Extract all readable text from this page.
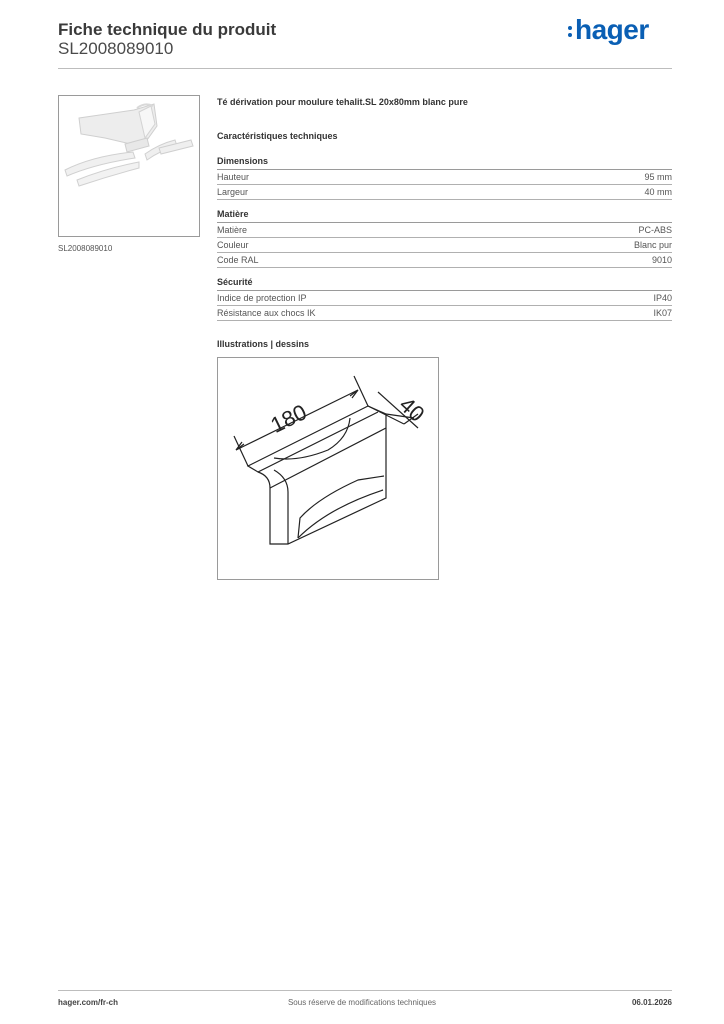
Fiche technique du produit
SL2008089010
hager
SL2008089010
Té dérivation pour moulure tehalit.SL 20x80mm blanc pure
Caractéristiques techniques
Dimensions
Hauteur	95 mm
Largeur	40 mm
Matière
Matière	PC-ABS
Couleur	Blanc pur
Code RAL	9010
Sécurité
Indice de protection IP	IP40
Résistance aux chocs IK	IK07
Illustrations | dessins
180	40
hager.com/fr-ch	Sous réserve de modifications techniques	06.01.2026
